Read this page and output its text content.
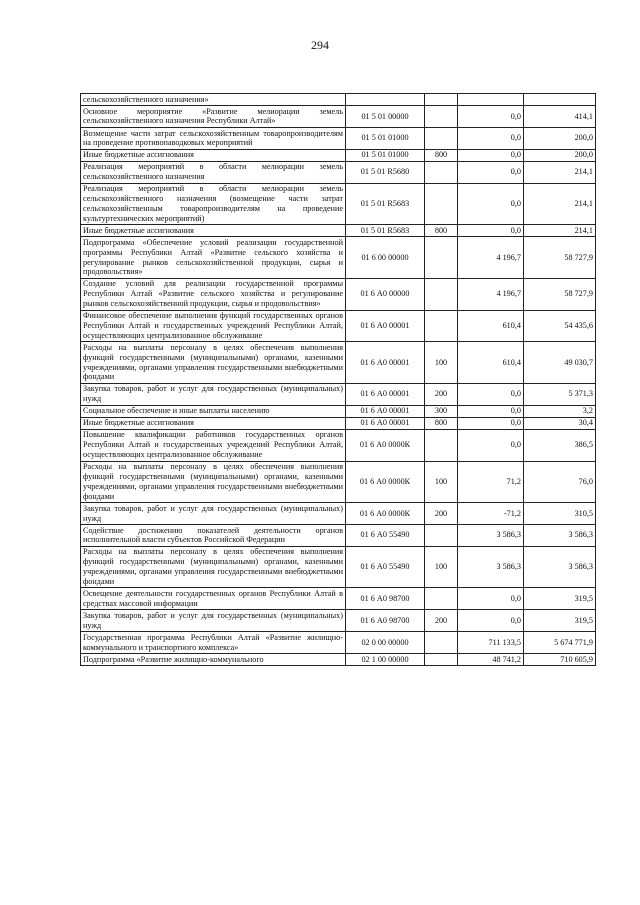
294
сельскохозяйственного назначения»				
Основное мероприятие «Развитие мелиорации земель сельскохозяйственного назначения Республики Алтай»	01 5 01 00000		0,0	414,1
Возмещение части затрат сельскохозяйственным товаропроизводителям на проведение противопаводковых мероприятий	01 5 01 01000		0,0	200,0
Иные бюджетные ассигнования	01 5 01 01000	800	0,0	200,0
Реализация мероприятий в области мелиорации земель сельскохозяйственного назначения	01 5 01 R5680		0,0	214,1
Реализация мероприятий в области мелиорации земель сельскохозяйственного назначения (возмещение части затрат сельскохозяйственным товаропроизводителям на проведение культуртехнических мероприятий)	01 5 01 R5683		0,0	214,1
Иные бюджетные ассигнования	01 5 01 R5683	800	0,0	214,1
Подпрограмма «Обеспечение условий реализации государственной программы Республики Алтай «Развитие сельского хозяйства и регулирование рынков сельскохозяйственной продукции, сырья и продовольствия»	01 6 00 00000		4 196,7	58 727,9
Создание условий для реализации государственной программы Республики Алтай «Развитие сельского хозяйства и регулирование рынков сельскохозяйственной продукции, сырья и продовольствия»	01 6 А0 00000		4 196,7	58 727,9
Финансовое обеспечение выполнения функций государственных органов Республики Алтай и государственных учреждений Республики Алтай, осуществляющих централизованное обслуживание	01 6 А0 00001		610,4	54 435,6
Расходы на выплаты персоналу в целях обеспечения выполнения функций государственными (муниципальными) органами, казенными учреждениями, органами управления государственными внебюджетными фондами	01 6 А0 00001	100	610,4	49 030,7
Закупка товаров, работ и услуг для государственных (муниципальных) нужд	01 6 А0 00001	200	0,0	5 371,3
Социальное обеспечение и иные выплаты населению	01 6 А0 00001	300	0,0	3,2
Иные бюджетные ассигнования	01 6 А0 00001	800	0,0	30,4
Повышение квалификации работников государственных органов Республики Алтай и государственных учреждений Республики Алтай, осуществляющих централизованное обслуживание	01 6 А0 0000К		0,0	386,5
Расходы на выплаты персоналу в целях обеспечения выполнения функций государственными (муниципальными) органами, казенными учреждениями, органами управления государственными внебюджетными фондами	01 6 А0 0000К	100	71,2	76,0
Закупка товаров, работ и услуг для государственных (муниципальных) нужд	01 6 А0 0000К	200	-71,2	310,5
Содействие достижению показателей деятельности органов исполнительной власти субъектов Российской Федерации	01 6 А0 55490		3 586,3	3 586,3
Расходы на выплаты персоналу в целях обеспечения выполнения функций государственными (муниципальными) органами, казенными учреждениями, органами управления государственными внебюджетными фондами	01 6 А0 55490	100	3 586,3	3 586,3
Освещение деятельности государственных органов Республики Алтай в средствах массовой информации	01 6 А0 98700		0,0	319,5
Закупка товаров, работ и услуг для государственных (муниципальных) нужд	01 6 А0 98700	200	0,0	319,5
Государственная программа Республики Алтай «Развитие жилищно-коммунального и транспортного комплекса»	02 0 00 00000		711 133,5	5 674 771,9
Подпрограмма «Развитие жилищно-коммунального	02 1 00 00000		48 741,2	710 605,9
